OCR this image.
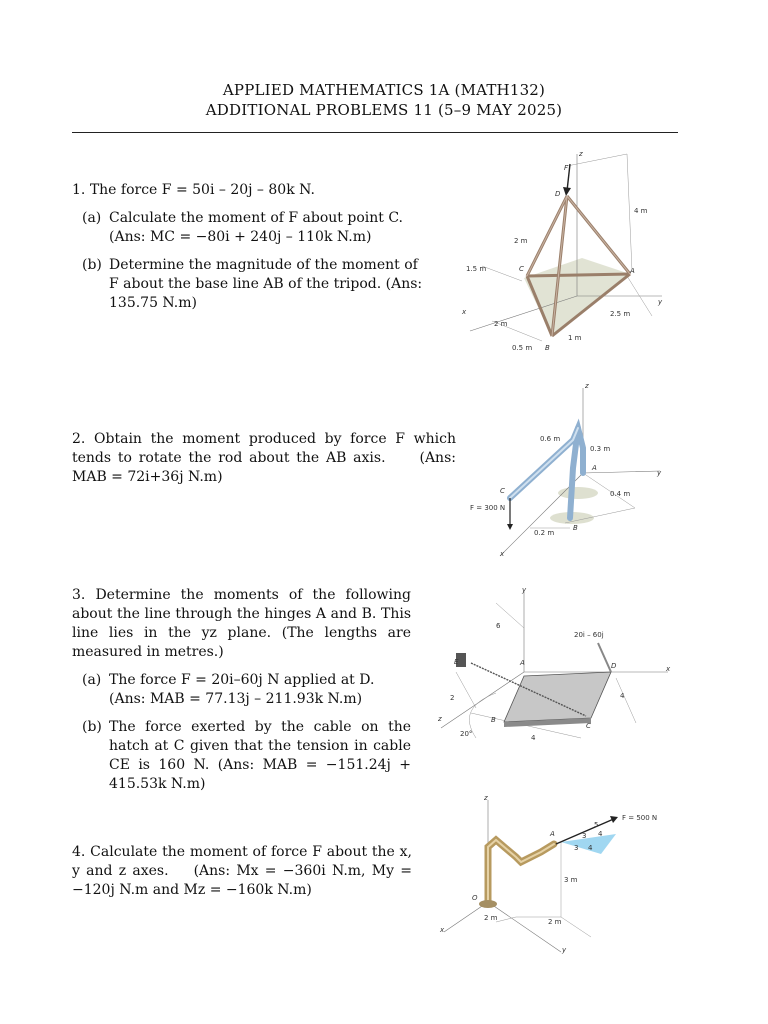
APPLIED MATHEMATICS 1A (MATH132)
ADDITIONAL PROBLEMS 11 (5–9 MAY 2025)

1. The force F = 50i – 20j – 80k N.

(a) Calculate the moment of F about point C.
(Ans: MC = −80i + 240j – 110k N.m)
(b) Determine the magnitude of the moment of F about the base line AB of the tripod. (Ans: 135.75 N.m)
z
F
D
C	A
B
x
y
4 m
2 m
1.5 m
2 m
2.5 m
0.5 m
1 m

2. Obtain the moment produced by force F which tends to rotate the rod about the AB axis. (Ans: MAB = 72i+36j N.m)

z
y
x
A
B
C
0.6 m
0.3 m
0.4 m
0.2 m
F = 300 N

3. Determine the moments of the following about the line through the hinges A and B. This line lies in the yz plane. (The lengths are measured in metres.)

(a) The force F = 20i–60j N applied at D.    (Ans: MAB = 77.13j – 211.93k N.m)
(b) The force exerted by the cable on the hatch at C given that the tension in cable CE is 160 N. (Ans: MAB = −151.24j + 415.53k N.m)
y
x
z
E	A
B
C
D
20i – 60j
6
2
4
4
20°

4. Calculate the moment of force F about the x, y and z axes. (Ans: Mx = −360i N.m, My = −120j N.m and Mz = −160k N.m)

z
x
y
O
A
F = 500 N
3 m
2 m	2 m
5
3 4
3 4
